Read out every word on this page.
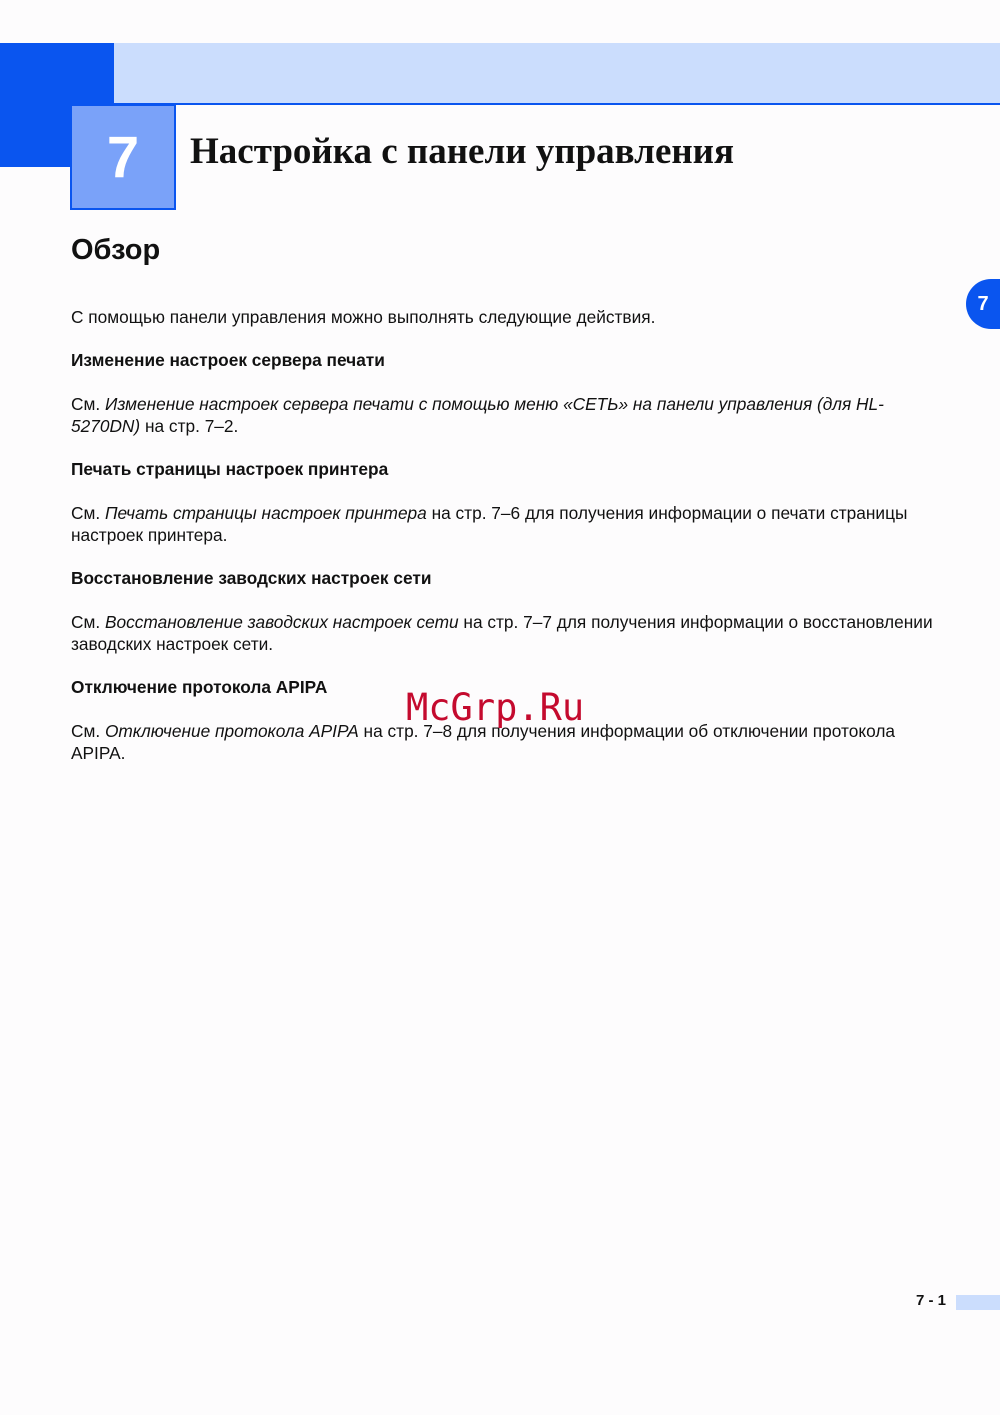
7 Настройка с панели управления
Обзор
7
С помощью панели управления можно выполнять следующие действия.
Изменение настроек сервера печати
См. Изменение настроек сервера печати с помощью меню «СЕТЬ» на панели управления (для HL-5270DN) на стр. 7–2.
Печать страницы настроек принтера
См. Печать страницы настроек принтера на стр. 7–6 для получения информации о печати страницы настроек принтера.
Восстановление заводских настроек сети
См. Восстановление заводских настроек сети на стр. 7–7 для получения информации о восстановлении заводских настроек сети.
Отключение протокола APIPA
См. Отключение протокола APIPA на стр. 7–8 для получения информации об отключении протокола APIPA.
McGrp.Ru
7 - 1
